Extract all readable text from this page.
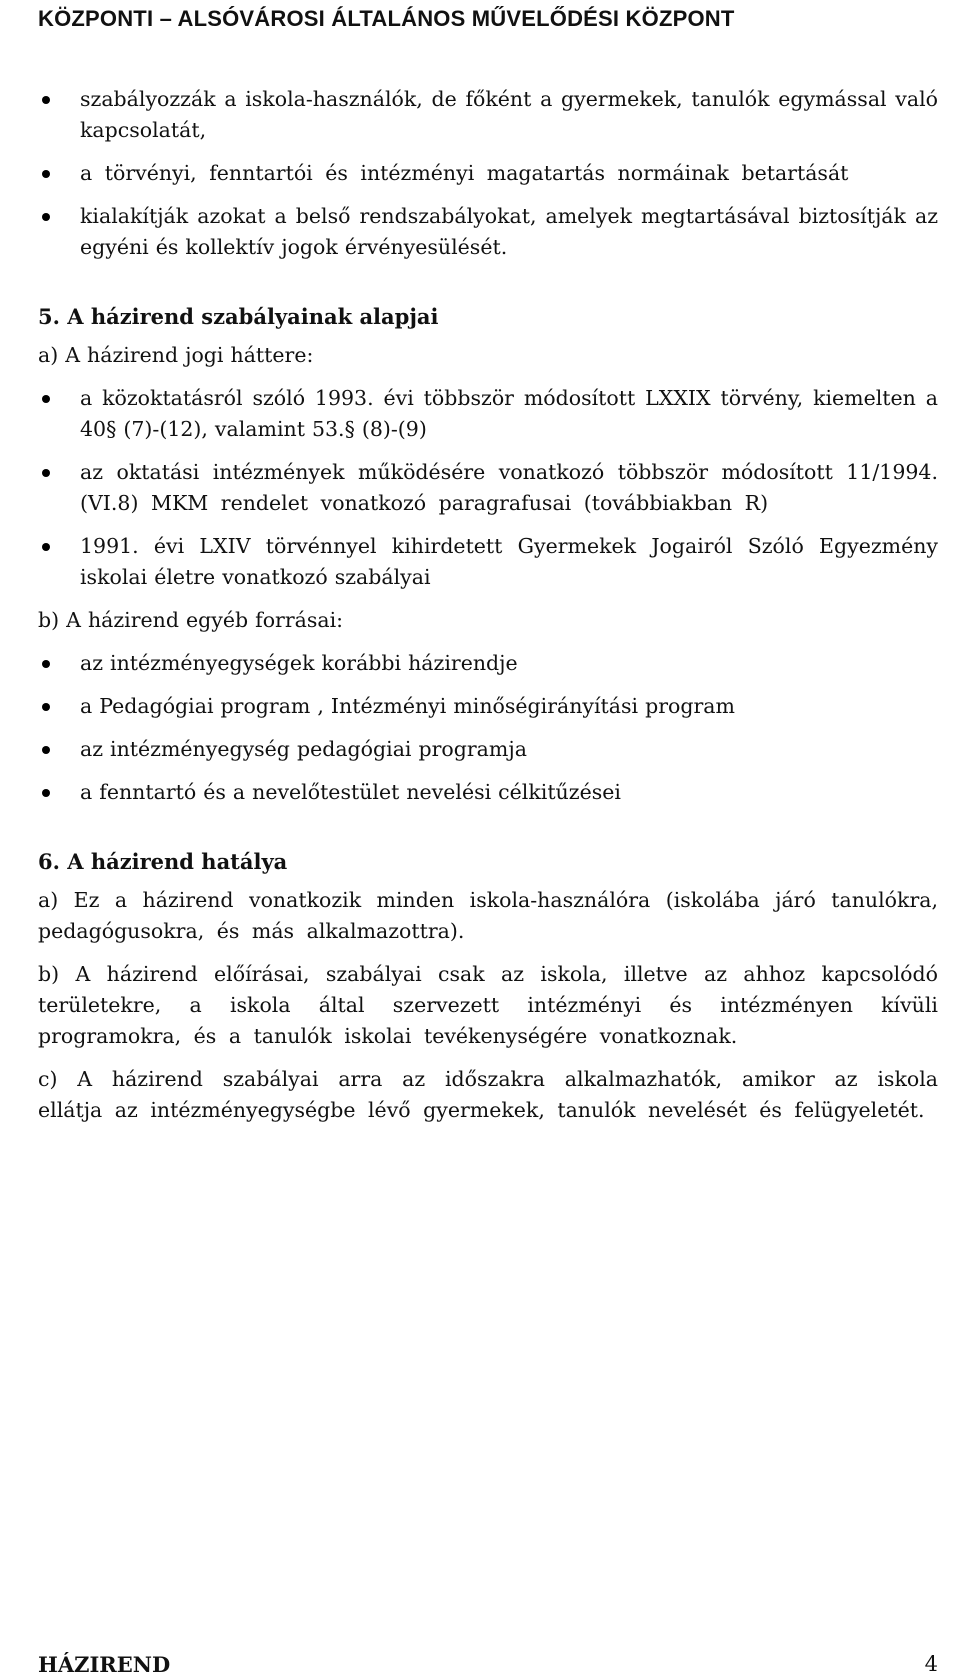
KÖZPONTI – ALSÓVÁROSI ÁLTALÁNOS MŰVELŐDÉSI KÖZPONT

szabályozzák a iskola-használók, de főként a gyermekek, tanulók egymással való kapcsolatát,

a törvényi, fenntartói és intézményi magatartás normáinak betartását

kialakítják azokat a belső rendszabályokat, amelyek megtartásával biztosítják az egyéni és kollektív jogok érvényesülését.

5. A házirend szabályainak alapjai

a) A házirend jogi háttere:

a közoktatásról szóló 1993. évi többször módosított LXXIX törvény, kiemelten a 40§ (7)-(12), valamint 53.§ (8)-(9)

az oktatási intézmények működésére vonatkozó többször módosított 11/1994.(VI.8) MKM rendelet vonatkozó paragrafusai (továbbiakban R)

1991. évi LXIV törvénnyel kihirdetett Gyermekek Jogairól Szóló Egyezmény iskolai életre vonatkozó szabályai

b) A házirend egyéb forrásai:

az intézményegységek korábbi házirendje

a Pedagógiai program , Intézményi minőségirányítási program

az intézményegység pedagógiai programja

a fenntartó és a nevelőtestület nevelési célkitűzései

6. A házirend hatálya

a) Ez a házirend vonatkozik minden iskola-használóra (iskolába járó tanulókra, pedagógusokra, és más alkalmazottra).

b) A házirend előírásai, szabályai csak az iskola, illetve az ahhoz kapcsolódó területekre, a iskola által szervezett intézményi és intézményen kívüli programokra, és a tanulók iskolai tevékenységére vonatkoznak.

c) A házirend szabályai arra az időszakra alkalmazhatók, amikor az iskola ellátja az intézményegységbe lévő gyermekek, tanulók nevelését és felügyeletét.

HÁZIREND	4
